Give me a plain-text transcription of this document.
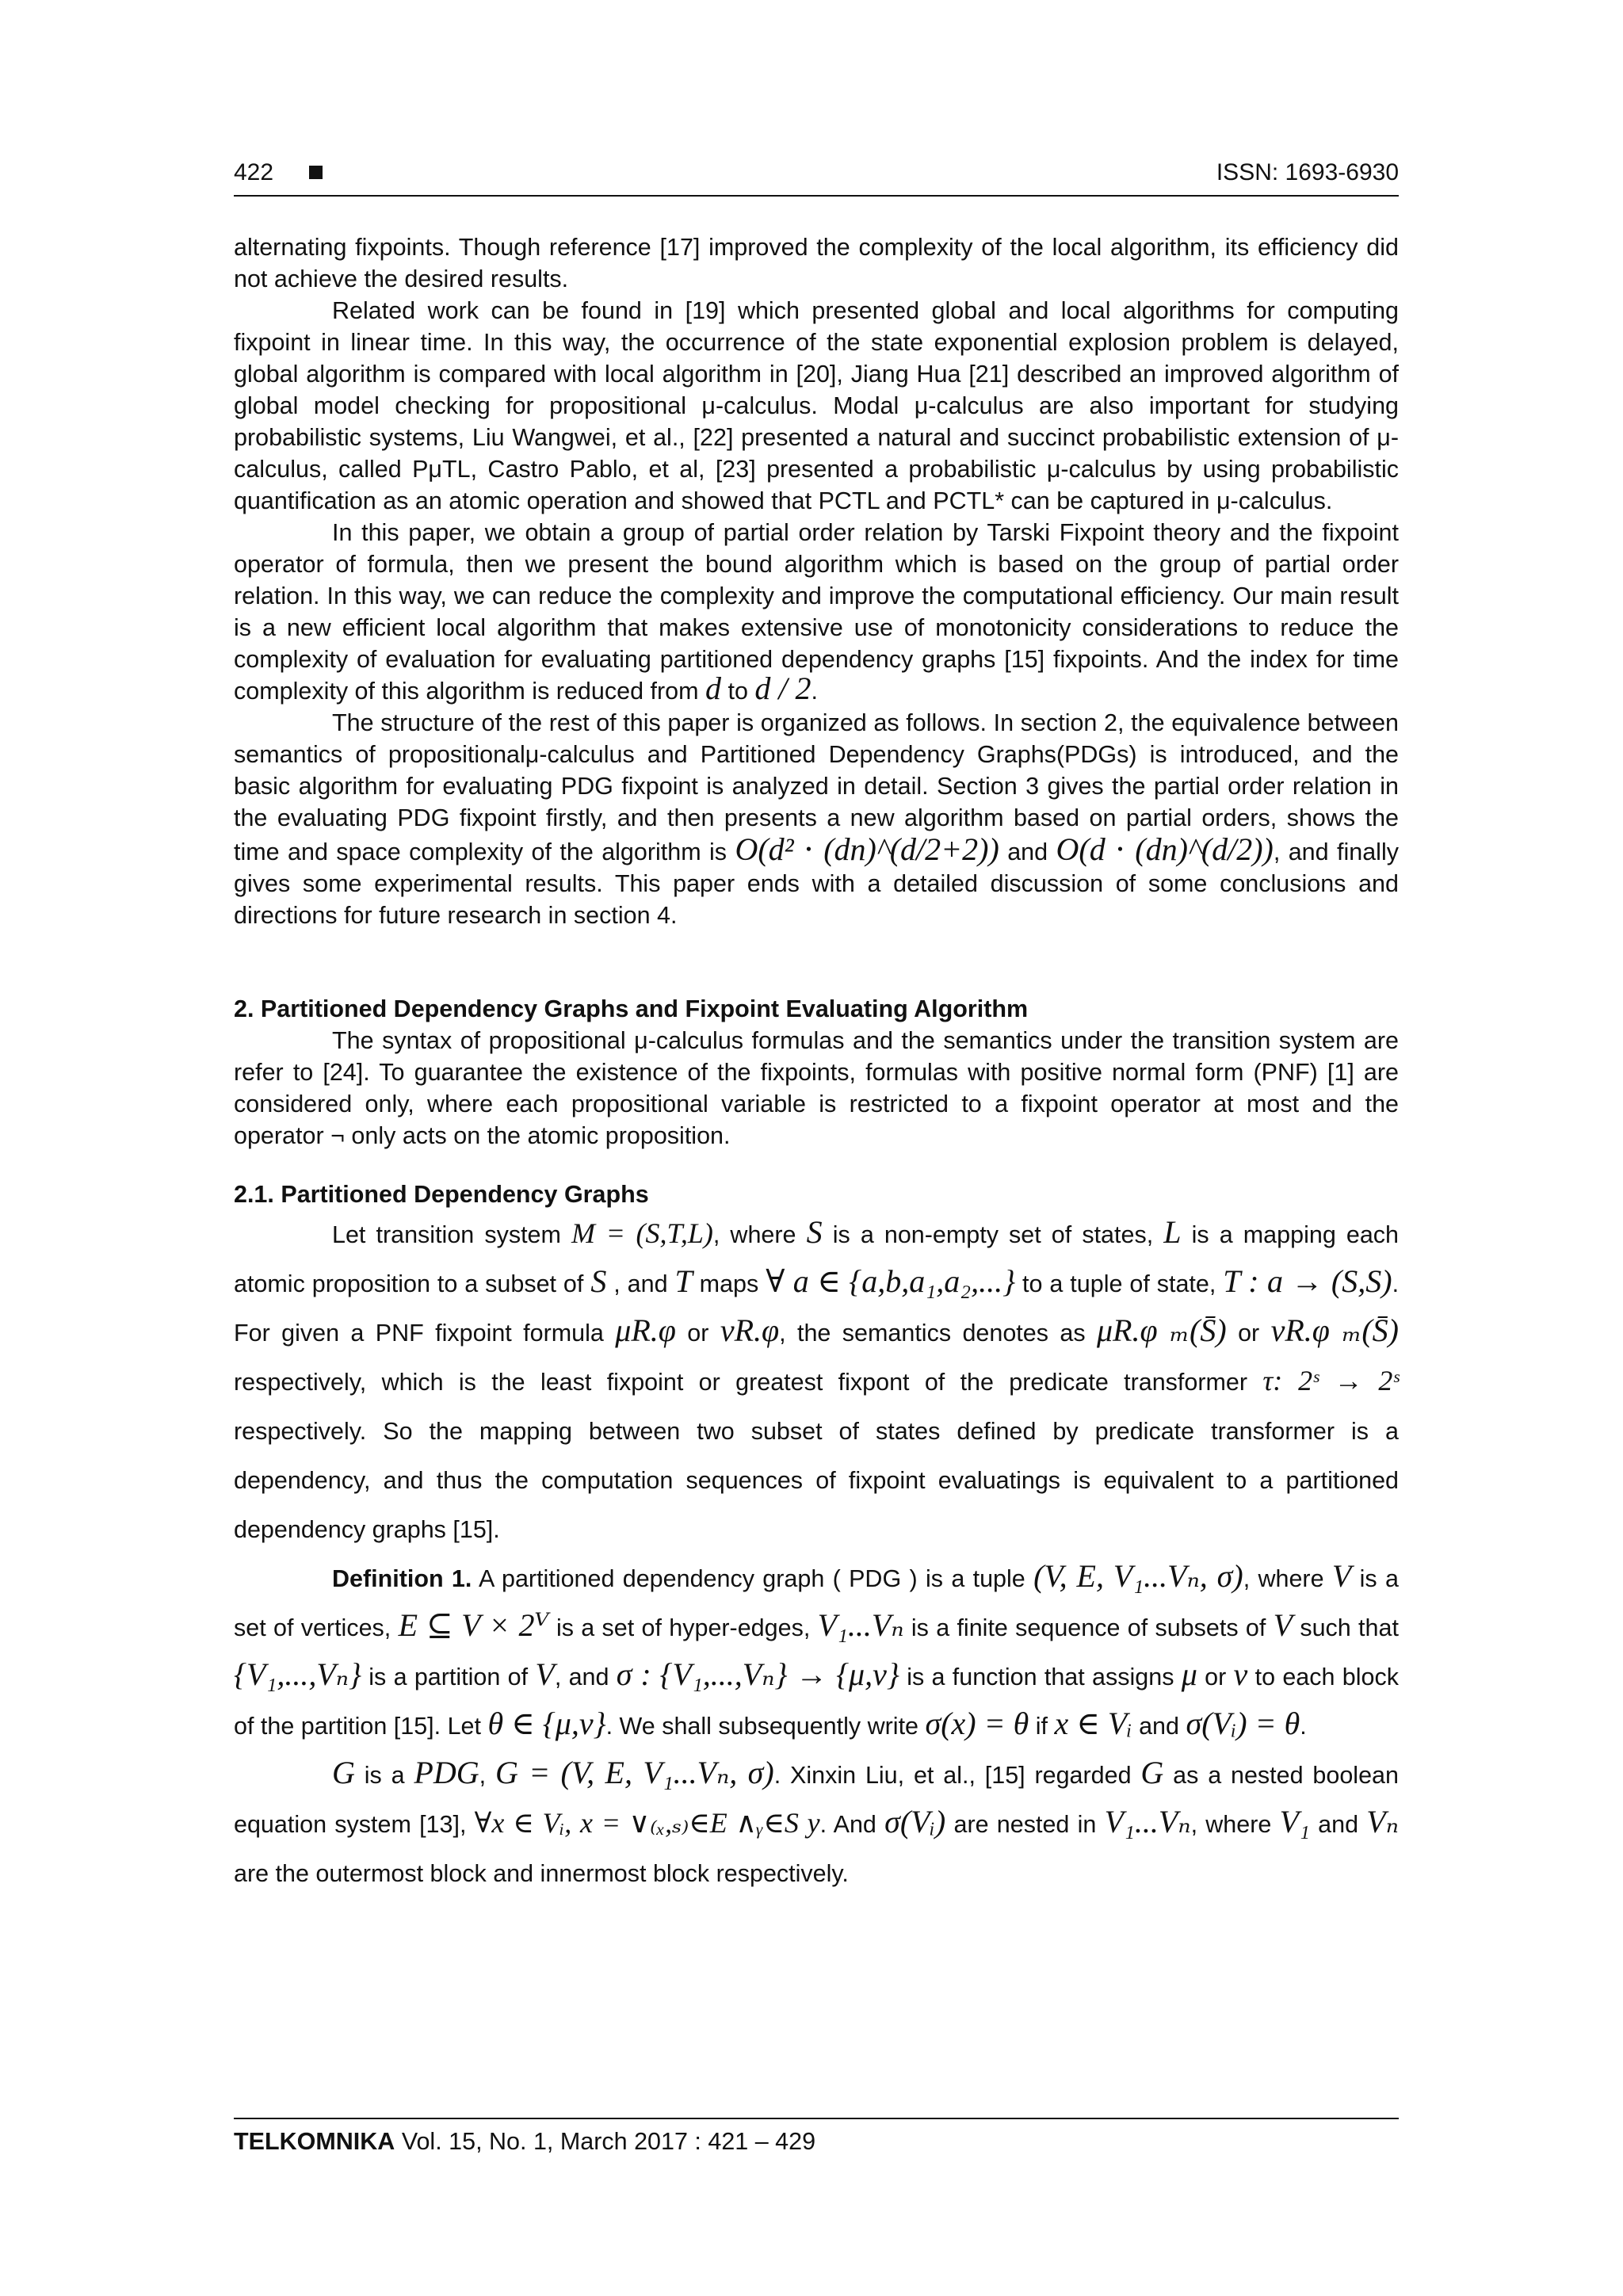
422	ISSN: 1693-6930

alternating fixpoints. Though reference [17] improved the complexity of the local algorithm, its efficiency did not achieve the desired results.

Related work can be found in [19] which presented global and local algorithms for computing fixpoint in linear time. In this way, the occurrence of the state exponential explosion problem is delayed, global algorithm is compared with local algorithm in [20], Jiang Hua [21] described an improved algorithm of global model checking for propositional μ-calculus. Modal μ-calculus are also important for studying probabilistic systems, Liu Wangwei, et al., [22] presented a natural and succinct probabilistic extension of μ-calculus, called PμTL, Castro Pablo, et al, [23] presented a probabilistic μ-calculus by using probabilistic quantification as an atomic operation and showed that PCTL and PCTL* can be captured in μ-calculus.

In this paper, we obtain a group of partial order relation by Tarski Fixpoint theory and the fixpoint operator of formula, then we present the bound algorithm which is based on the group of partial order relation. In this way, we can reduce the complexity and improve the computational efficiency. Our main result is a new efficient local algorithm that makes extensive use of monotonicity considerations to reduce the complexity of evaluation for evaluating partitioned dependency graphs [15] fixpoints. And the index for time complexity of this algorithm is reduced from d to d / 2.

The structure of the rest of this paper is organized as follows. In section 2, the equivalence between semantics of propositionalμ-calculus and Partitioned Dependency Graphs(PDGs) is introduced, and the basic algorithm for evaluating PDG fixpoint is analyzed in detail. Section 3 gives the partial order relation in the evaluating PDG fixpoint firstly, and then presents a new algorithm based on partial orders, shows the time and space complexity of the algorithm is O(d² ⋅ (dn)^(d/2+2)) and O(d ⋅ (dn)^(d/2)), and finally gives some experimental results. This paper ends with a detailed discussion of some conclusions and directions for future research in section 4.

2. Partitioned Dependency Graphs and Fixpoint Evaluating Algorithm

The syntax of propositional μ-calculus formulas and the semantics under the transition system are refer to [24]. To guarantee the existence of the fixpoints, formulas with positive normal form (PNF) [1] are considered only, where each propositional variable is restricted to a fixpoint operator at most and the operator ¬ only acts on the atomic proposition.

2.1. Partitioned Dependency Graphs

Let transition system M = (S,T,L), where S is a non-empty set of states, L is a mapping each atomic proposition to a subset of S , and T maps ∀ a ∈ {a,b,a₁,a₂,...} to a tuple of state, T : a → (S,S). For given a PNF fixpoint formula μR.φ or νR.φ, the semantics denotes as μR.φ ₘ(S̄) or νR.φ ₘ(S̄) respectively, which is the least fixpoint or greatest fixpont of the predicate transformer τ: 2ˢ → 2ˢ respectively. So the mapping between two subset of states defined by predicate transformer is a dependency, and thus the computation sequences of fixpoint evaluatings is equivalent to a partitioned dependency graphs [15].

Definition 1. A partitioned dependency graph ( PDG ) is a tuple (V, E, V₁...Vₙ, σ), where V is a set of vertices, E ⊆ V × 2ⱽ is a set of hyper-edges, V₁...Vₙ is a finite sequence of subsets of V such that {V₁,...,Vₙ} is a partition of V, and σ : {V₁,...,Vₙ} → {μ,ν} is a function that assigns μ or ν to each block of the partition [15]. Let θ ∈ {μ,ν}. We shall subsequently write σ(x) = θ if x ∈ Vᵢ and σ(Vᵢ) = θ.

G is a PDG, G = (V, E, V₁...Vₙ, σ). Xinxin Liu, et al., [15] regarded G as a nested boolean equation system [13], ∀x ∈ Vᵢ, x = ∨₍ₓ,ₛ₎∈E ∧ᵧ∈S y. And σ(Vᵢ) are nested in V₁...Vₙ, where V₁ and Vₙ are the outermost block and innermost block respectively.

TELKOMNIKA Vol. 15, No. 1, March 2017 : 421 – 429
